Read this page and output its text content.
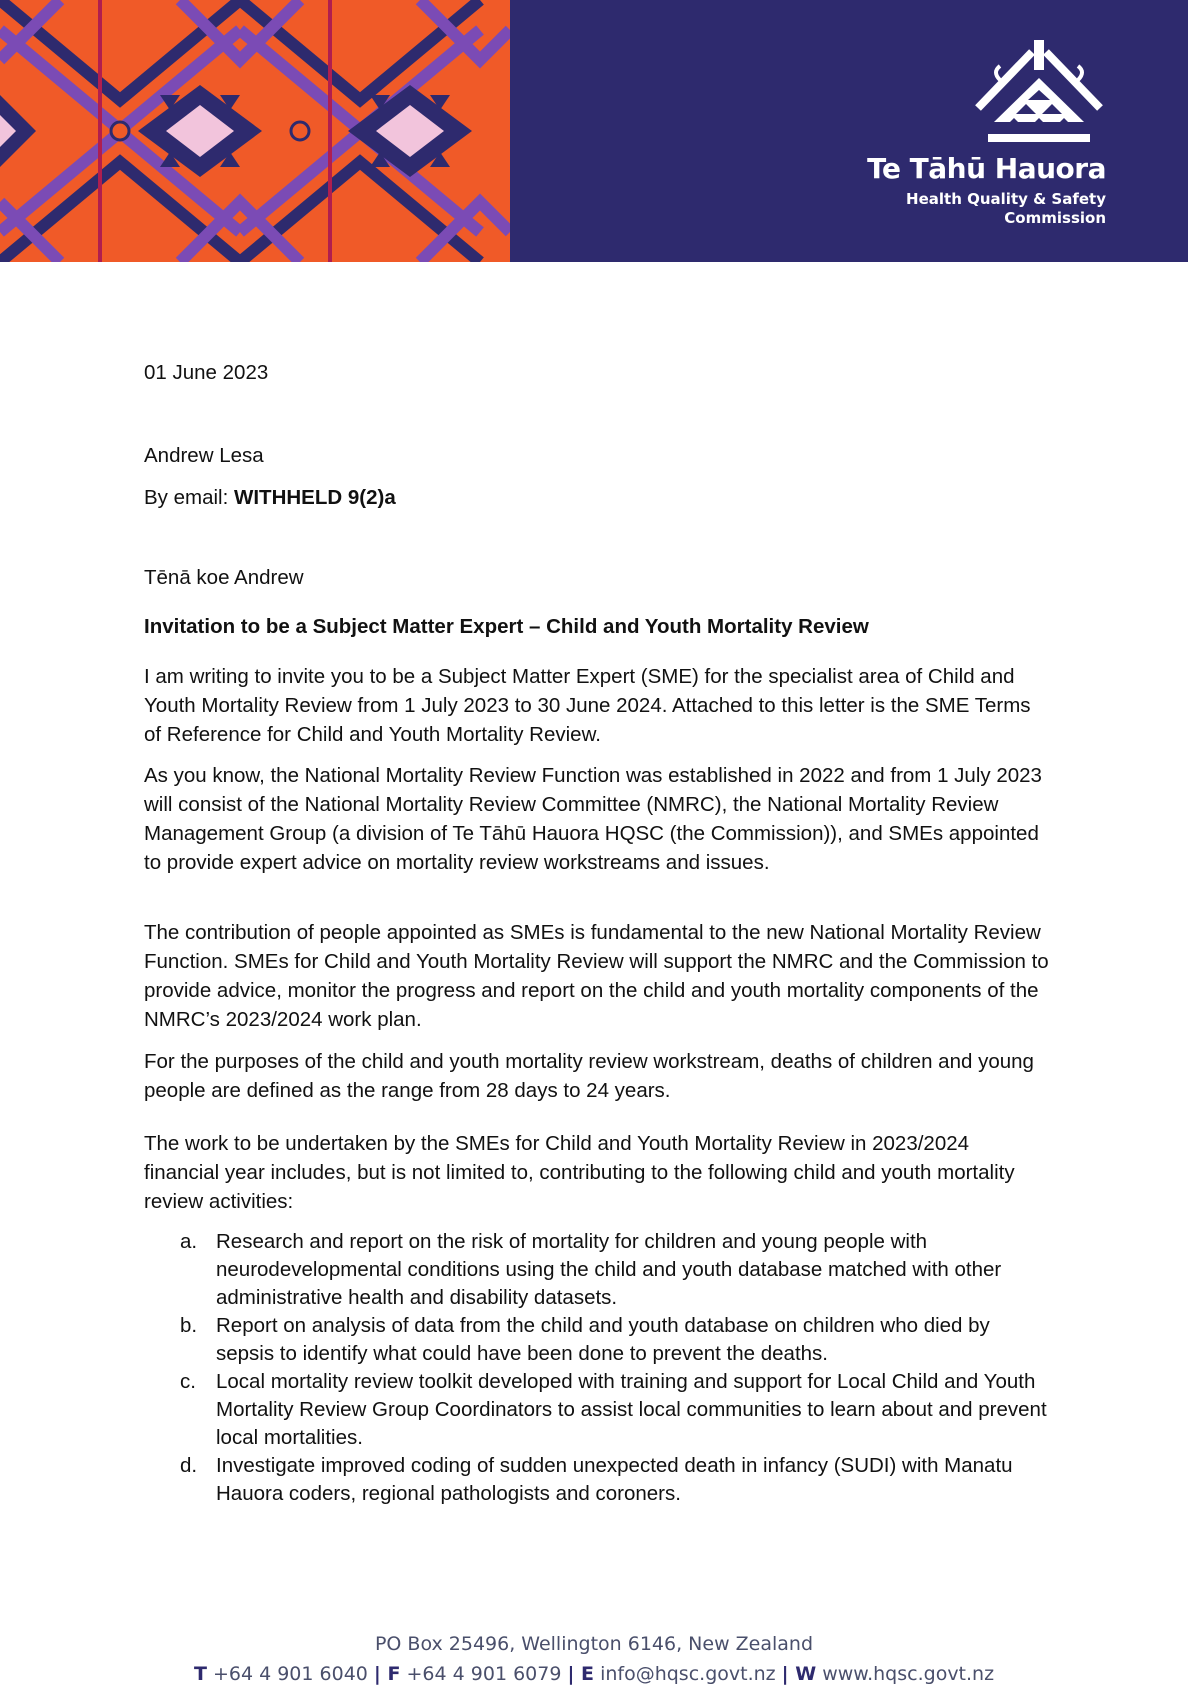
Te Tāhū Hauora

Health Quality & Safety

Commission

01 June 2023

Andrew Lesa

By email: WITHHELD 9(2)a

Tēnā koe Andrew

Invitation to be a Subject Matter Expert – Child and Youth Mortality Review

I am writing to invite you to be a Subject Matter Expert (SME) for the specialist area of Child and Youth Mortality Review from 1 July 2023 to 30 June 2024. Attached to this letter is the SME Terms of Reference for Child and Youth Mortality Review.

As you know, the National Mortality Review Function was established in 2022 and from 1 July 2023 will consist of the National Mortality Review Committee (NMRC), the National Mortality Review Management Group (a division of Te Tāhū Hauora HQSC (the Commission)), and SMEs appointed to provide expert advice on mortality review workstreams and issues.

The contribution of people appointed as SMEs is fundamental to the new National Mortality Review Function. SMEs for Child and Youth Mortality Review will support the NMRC and the Commission to provide advice, monitor the progress and report on the child and youth mortality components of the NMRC’s 2023/2024 work plan.

For the purposes of the child and youth mortality review workstream, deaths of children and young people are defined as the range from 28 days to 24 years.

The work to be undertaken by the SMEs for Child and Youth Mortality Review in 2023/2024 financial year includes, but is not limited to, contributing to the following child and youth mortality review activities:

a. Research and report on the risk of mortality for children and young people with neurodevelopmental conditions using the child and youth database matched with other administrative health and disability datasets.
b. Report on analysis of data from the child and youth database on children who died by sepsis to identify what could have been done to prevent the deaths.
c. Local mortality review toolkit developed with training and support for Local Child and Youth Mortality Review Group Coordinators to assist local communities to learn about and prevent local mortalities.
d. Investigate improved coding of sudden unexpected death in infancy (SUDI) with Manatu Hauora coders, regional pathologists and coroners.

PO Box 25496, Wellington 6146, New Zealand

T +64 4 901 6040 | F +64 4 901 6079 | E info@hqsc.govt.nz | W www.hqsc.govt.nz
